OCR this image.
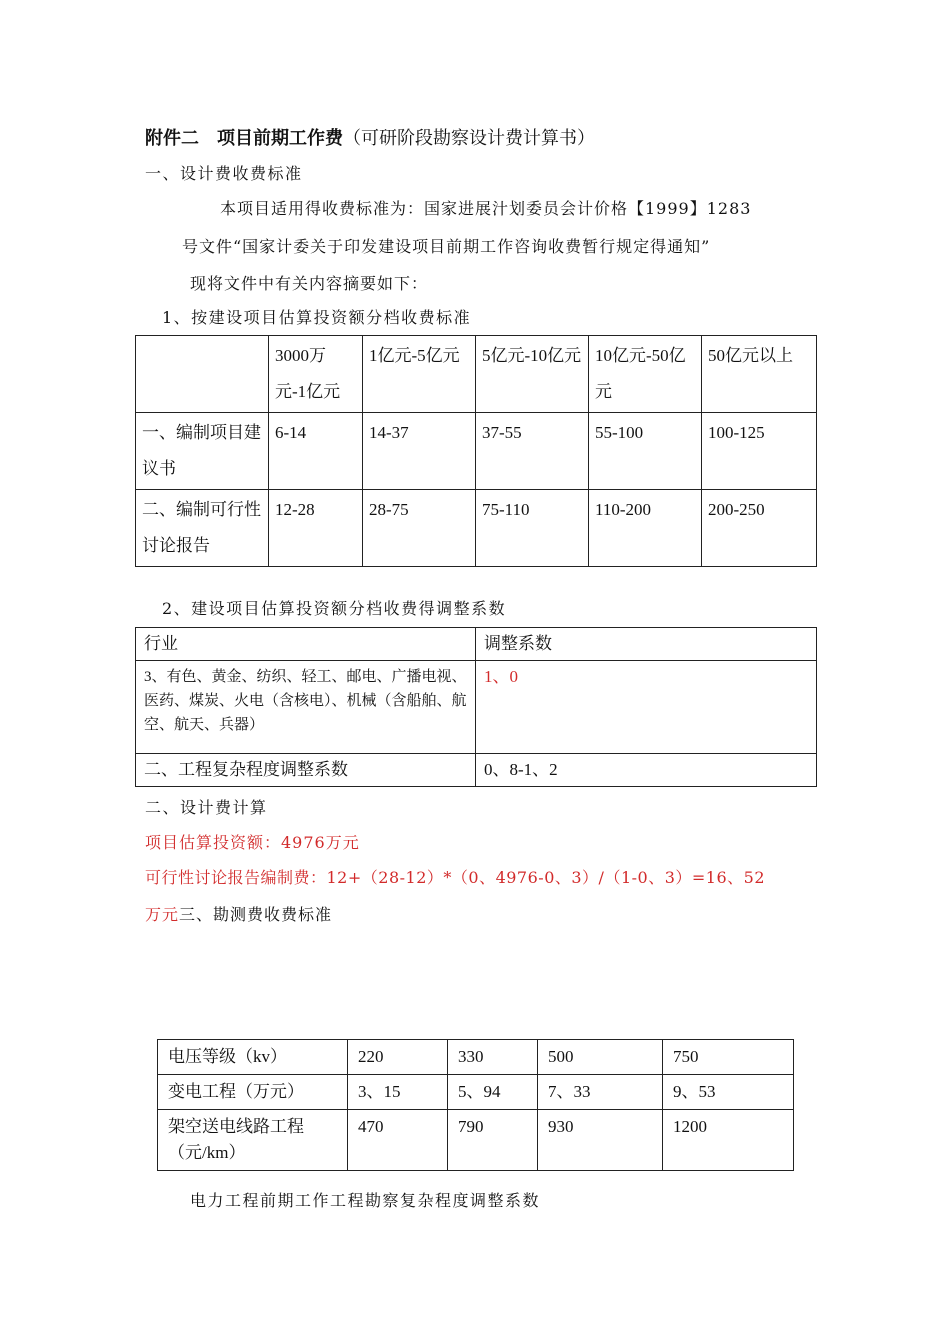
附件二　项目前期工作费（可研阶段勘察设计费计算书）
一、设计费收费标准
本项目适用得收费标准为：国家进展汁划委员会计价格【1999】1283
号文件“国家计委关于印发建设项目前期工作咨询收费暂行规定得通知”
现将文件中有关内容摘要如下：
1、按建设项目估算投资额分档收费标准
	3000万元-1亿元	1亿元-5亿元	5亿元-10亿元	10亿元-50亿元	50亿元以上
一、编制项目建议书	6-14	14-37	37-55	55-100	100-125
二、编制可行性讨论报告	12-28	28-75	75-110	110-200	200-250
2、建设项目估算投资额分档收费得调整系数
行业	调整系数
3、有色、黄金、纺织、轻工、邮电、广播电视、医药、煤炭、火电（含核电）、机械（含船舶、航空、航天、兵器）	1、0
二、工程复杂程度调整系数	0、8-1、2
二、设计费计算
项目估算投资额：4976万元
可行性讨论报告编制费：12+（28-12）*（0、4976-0、3）/（1-0、3）=16、52
万元三、勘测费收费标准
电压等级（kv）	220	330	500	750
变电工程（万元）	3、15	5、94	7、33	9、53
架空送电线路工程（元/km）	470	790	930	1200
电力工程前期工作工程勘察复杂程度调整系数
